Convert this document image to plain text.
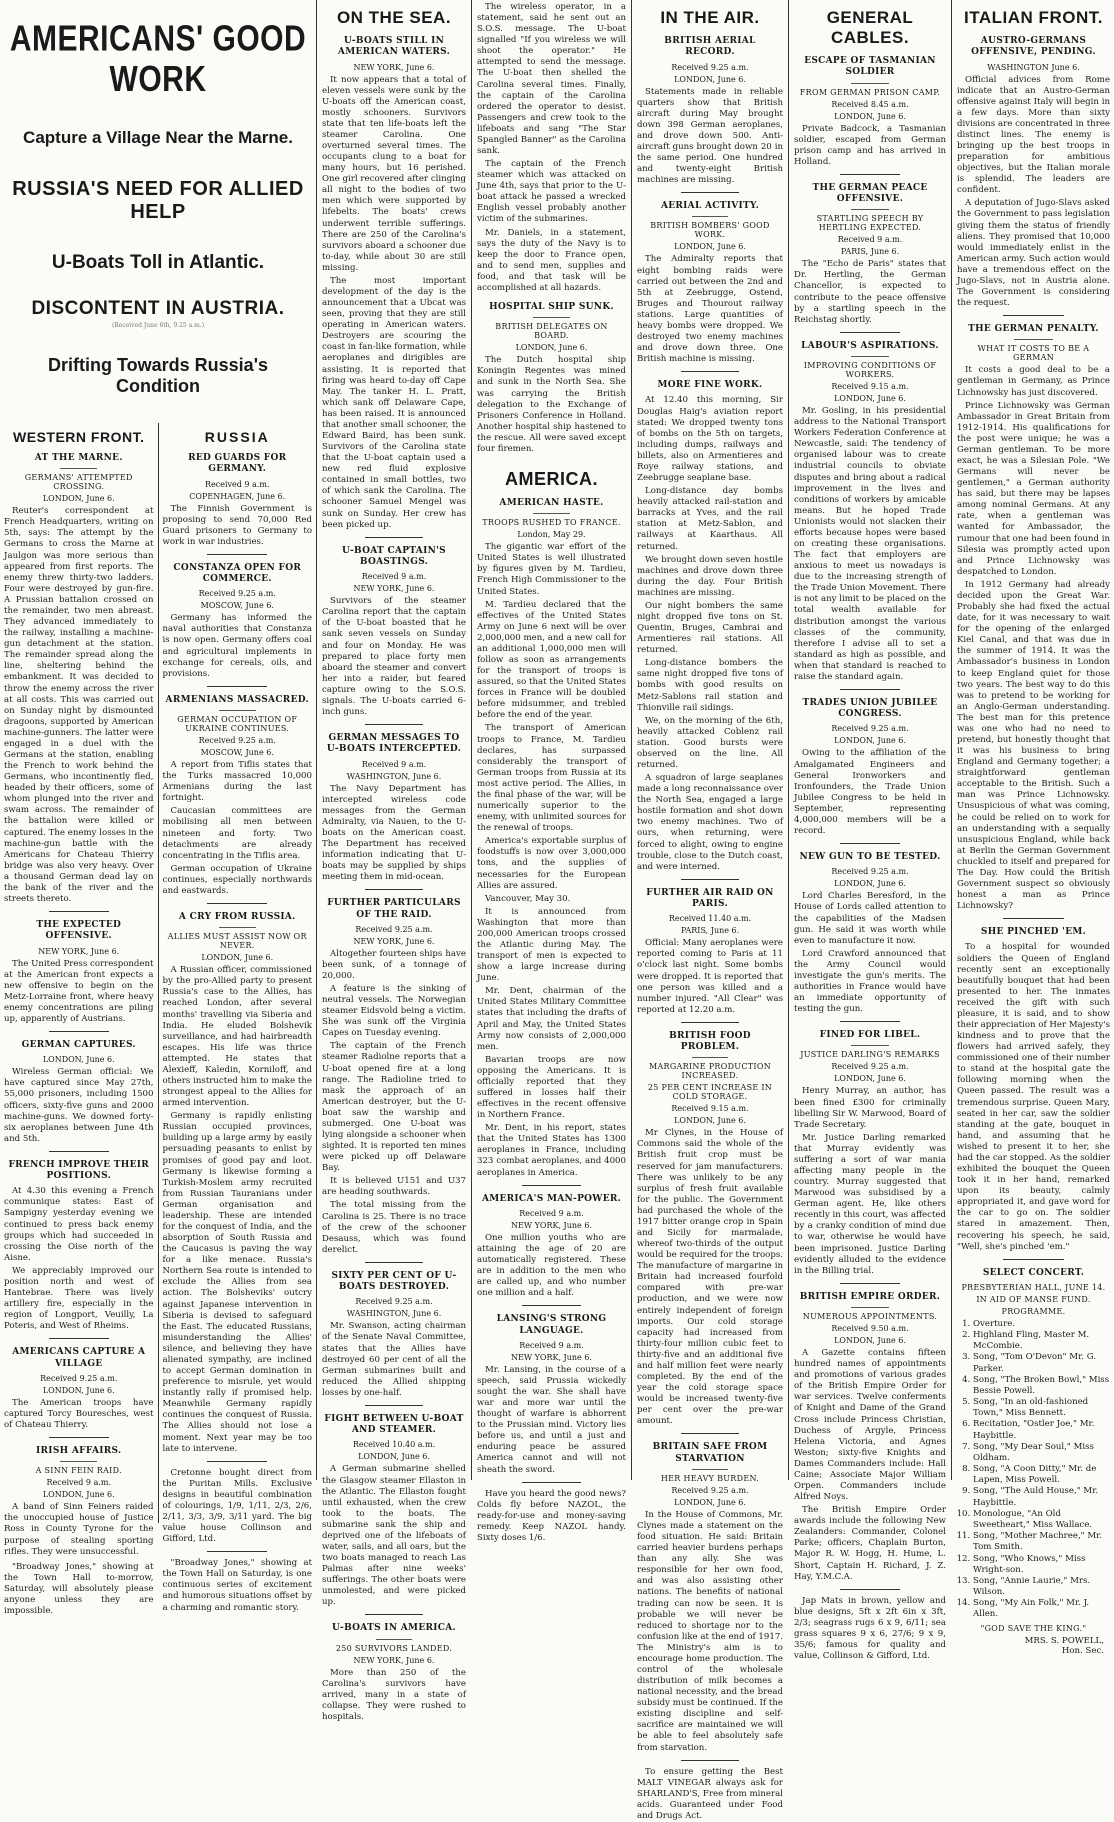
AMERICANS' GOOD WORK
Capture a Village Near the Marne.
RUSSIA'S NEED FOR ALLIED HELP
U-Boats Toll in Atlantic.
DISCONTENT IN AUSTRIA.
(Received June 6th, 9.25 a.m.)
Drifting Towards Russia's Condition
WESTERN FRONT.
AT THE MARNE.
GERMANS' ATTEMPTED CROSSING.
LONDON, June 6.

Reuter's correspondent at French Headquarters, writing on 5th, says: The attempt by the Germans to cross the Marne at Jaulgon was more serious than appeared from first reports. The enemy threw thirty-two ladders. Four were destroyed by gun-fire. A Prussian battalion crossed on the remainder, two men abreast. They advanced immediately to the railway, installing a machine-gun detachment at the station. The remainder spread along the line, sheltering behind the embankment. It was decided to throw the enemy across the river at all costs. This was carried out on Sunday night by dismounted dragoons, supported by American machine-gunners. The latter were engaged in a duel with the Germans at the station, enabling the French to work behind the Germans, who incontinently fled, headed by their officers, some of whom plunged into the river and swam across. The remainder of the battalion were killed or captured. The enemy losses in the machine-gun battle with the Americans for Chateau Thierry bridge was also very heavy. Over a thousand German dead lay on the bank of the river and the streets thereto.

THE EXPECTED OFFENSIVE.
NEW YORK, June 6.

The United Press correspondent at the American front expects a new offensive to begin on the Metz-Lorraine front, where heavy enemy concentrations are piling up, apparently of Austrians.

GERMAN CAPTURES.
LONDON, June 6.

Wireless German official: We have captured since May 27th, 55,000 prisoners, including 1500 officers, sixty-five guns and 2000 machine-guns. We downed forty-six aeroplanes between June 4th and 5th.

FRENCH IMPROVE THEIR POSITIONS.

At 4.30 this evening a French communique states: East of Sampigny yesterday evening we continued to press back enemy groups which had succeeded in crossing the Oise north of the Aisne.

We appreciably improved our position north and west of Hantebrae. There was lively artillery fire, especially in the region of Longport, Veuilly, La Poteris, and West of Rheims.

AMERICANS CAPTURE A VILLAGE
Received 9.25 a.m.
LONDON, June 6.

The American troops have captured Torcy Bouresches, west of Chateau Thierry.

IRISH AFFAIRS.
A SINN FEIN RAID.
Received 9 a.m.
LONDON, June 6.

A band of Sinn Feiners raided the unoccupied house of Justice Ross in County Tyrone for the purpose of stealing sporting rifles. They were unsuccessful.

"Broadway Jones," showing at the Town Hall to-morrow, Saturday, will absolutely please anyone unless they are impossible.

RUSSIA
RED GUARDS FOR GERMANY.
Received 9 a.m.
COPENHAGEN, June 6.

The Finnish Government is proposing to send 70,000 Red Guard prisoners to Germany to work in war industries.

CONSTANZA OPEN FOR COMMERCE.
Received 9.25 a.m.
MOSCOW, June 6.

Germany has informed the naval authorities that Constanza is now open. Germany offers coal and agricultural implements in exchange for cereals, oils, and provisions.

ARMENIANS MASSACRED.
GERMAN OCCUPATION OF UKRAINE CONTINUES.
Received 9.25 a.m.
MOSCOW, June 6.

A report from Tiflis states that the Turks massacred 10,000 Armenians during the last fortnight.

Caucasian committees are mobilising all men between nineteen and forty. Two detachments are already concentrating in the Tiflis area.

German occupation of Ukraine continues, especially northwards and eastwards.

A CRY FROM RUSSIA.
ALLIES MUST ASSIST NOW OR NEVER.
LONDON, June 6.

A Russian officer, commissioned by the pro-Allied party to present Russia's case to the Allies, has reached London, after several months' travelling via Siberia and India. He eluded Bolshevik surveillance, and had hairbreadth escapes. His life was thrice attempted. He states that Alexieff, Kaledin, Korniloff, and others instructed him to make the strongest appeal to the Allies for armed intervention.

Germany is rapidly enlisting Russian occupied provinces, building up a large army by easily persuading peasants to enlist by promises of good pay and loot. Germany is likewise forming a Turkish-Moslem army recruited from Russian Tauranians under German organisation and leadership. These are intended for the conquest of India, and the absorption of South Russia and the Caucasus is paving the way for a like menace. Russia's Northern Sea route is intended to exclude the Allies from sea action. The Bolsheviks' outcry against Japanese intervention in Siberia is devised to safeguard the East. The educated Russians, misunderstanding the Allies' silence, and believing they have alienated sympathy, are inclined to accept German domination in preference to misrule, yet would instantly rally if promised help. Meanwhile Germany rapidly continues the conquest of Russia. The Allies should not lose a moment. Next year may be too late to intervene.

Cretonne bought direct from the Puritan Mills. Exclusive designs in beautiful combination of colourings, 1/9, 1/11, 2/3, 2/6, 2/11, 3/3, 3/9, 3/11 yard. The big value house Collinson and Gifford, Ltd.

"Broadway Jones," showing at the Town Hall on Saturday, is one continuous series of excitement and humorous situations offset by a charming and romantic story.

ON THE SEA.
U-BOATS STILL IN AMERICAN WATERS.
NEW YORK, June 6.

It now appears that a total of eleven vessels were sunk by the U-boats off the American coast, mostly schooners. Survivors state that ten life-boats left the steamer Carolina. One overturned several times. The occupants clung to a boat for many hours, but 16 perished. One girl recovered after clinging all night to the bodies of two men which were supported by lifebelts. The boats' crews underwent terrible sufferings. There are 250 of the Carolina's survivors aboard a schooner due to-day, while about 30 are still missing.

The most important development of the day is the announcement that a Ubcat was seen, proving that they are still operating in American waters. Destroyers are scouring the coast in fan-like formation, while aeroplanes and dirigibles are assisting. It is reported that firing was heard to-day off Cape May. The tanker H. L. Pratt, which sank off Delaware Cape, has been raised. It is announced that another small schooner, the Edward Baird, has been sunk. Survivors of the Carolina state that the U-boat captain used a new red fluid explosive contained in small bottles, two of which sank the Carolina. The schooner Samuel Mengel was sunk on Sunday. Her crew has been picked up.

U-BOAT CAPTAIN'S BOASTINGS.
Received 9 a.m.
NEW YORK, June 6.

Survivors of the steamer Carolina report that the captain of the U-boat boasted that he sank seven vessels on Sunday and four on Monday. He was prepared to place forty men aboard the steamer and convert her into a raider, but feared capture owing to the S.O.S. signals. The U-boats carried 6-inch guns.

GERMAN MESSAGES TO U-BOATS INTERCEPTED.
Received 9 a.m.
WASHINGTON, June 6.

The Navy Department has intercepted wireless code messages from the German Admiralty, via Nauen, to the U-boats on the American coast. The Department has received information indicating that U-boats may be supplied by ships meeting them in mid-ocean.

FURTHER PARTICULARS OF THE RAID.
Received 9.25 a.m.
NEW YORK, June 6.

Altogether fourteen ships have been sunk, of a tonnage of 20,000.

A feature is the sinking of neutral vessels. The Norwegian steamer Eidsvold being a victim. She was sunk off the Virginia Capes on Tuesday evening.

The captain of the French steamer Radiolne reports that a U-boat opened fire at a long range. The Radioline tried to mask the approach of an American destroyer, but the U-boat saw the warship and submerged. One U-boat was lying alongside a schooner when sighted. It is reported ten mines were picked up off Delaware Bay.

It is believed U151 and U37 are heading southwards.

The total missing from the Carolina is 25. There is no trace of the crew of the schooner Desauss, which was found derelict.

SIXTY PER CENT OF U-BOATS DESTROYED.
Received 9.25 a.m.
WASHINGTON, June 6.

Mr. Swanson, acting chairman of the Senate Naval Committee, states that the Allies have destroyed 60 per cent of all the German submarines built and reduced the Allied shipping losses by one-half.

FIGHT BETWEEN U-BOAT AND STEAMER.
Received 10.40 a.m.
LONDON, June 6.

A German submarine shelled the Glasgow steamer Ellaston in the Atlantic. The Ellaston fought until exhausted, when the crew took to the boats. The submarine sank the ship and deprived one of the lifeboats of water, sails, and all oars, but the two boats managed to reach Las Palmas after nine weeks' sufferings. The other boats were unmolested, and were picked up.

U-BOATS IN AMERICA.
250 SURVIVORS LANDED.
NEW YORK, June 6.

More than 250 of the Carolina's survivors have arrived, many in a state of collapse. They were rushed to hospitals.

The wireless operator, in a statement, said he sent out an S.O.S. message. The U-boat signalled "If you wireless we will shoot the operator." He attempted to send the message. The U-boat then shelled the Carolina several times. Finally, the captain of the Carolina ordered the operator to desist. Passengers and crew took to the lifeboats and sang "The Star Spangled Banner" as the Carolina sank.

The captain of the French steamer which was attacked on June 4th, says that prior to the U-boat attack he passed a wrecked English vessel probably another victim of the submarines.

Mr. Daniels, in a statement, says the duty of the Navy is to keep the door to France open, and to send men, supplies and food, and that task will be accomplished at all hazards.

HOSPITAL SHIP SUNK.
BRITISH DELEGATES ON BOARD.
LONDON, June 6.

The Dutch hospital ship Koningin Regentes was mined and sunk in the North Sea. She was carrying the British delegation to the Exchange of Prisoners Conference in Holland. Another hospital ship hastened to the rescue. All were saved except four firemen.

AMERICA.
AMERICAN HASTE.
TROOPS RUSHED TO FRANCE.
London, May 29.

The gigantic war effort of the United States is well illustrated by figures given by M. Tardieu, French High Commissioner to the United States.

M. Tardieu declared that the effectives of the United States Army on June 6 next will be over 2,000,000 men, and a new call for an additional 1,000,000 men will follow as soon as arrangements for the transport of troops is assured, so that the United States forces in France will be doubled before midsummer, and trebled before the end of the year.

The transport of American troops to France, M. Tardieu declares, has surpassed considerably the transport of German troops from Russia at its most active period. The Allies, in the final phase of the war, will be numerically superior to the enemy, with unlimited sources for the renewal of troops.

America's exportable surplus of foodstuffs is now over 3,000,000 tons, and the supplies of necessaries for the European Allies are assured.

Vancouver, May 30.

It is announced from Washington that more than 200,000 American troops crossed the Atlantic during May. The transport of men is expected to show a large increase during June.

Mr. Dent, chairman of the United States Military Committee states that including the drafts of April and May, the United States Army now consists of 2,000,000 men.

Bavarian troops are now opposing the Americans. It is officially reported that they suffered in losses half their effectives in the recent offensive in Northern France.

Mr. Dent, in his report, states that the United States has 1300 aeroplanes in France, including 323 combat aeroplanes, and 4000 aeroplanes in America.

AMERICA'S MAN-POWER.
Received 9 a.m.
NEW YORK, June 6.

One million youths who are attaining the age of 20 are automatically registered. These are in addition to the men who are called up, and who number one million and a half.

LANSING'S STRONG LANGUAGE.
Received 9 a.m.
NEW YORK, June 6.

Mr. Lansing, in the course of a speech, said Prussia wickedly sought the war. She shall have war and more war until the thought of warfare is abhorrent to the Prussian mind. Victory lies before us, and until a just and enduring peace be assured America cannot and will not sheath the sword.

Have you heard the good news? Colds fly before NAZOL, the ready-for-use and money-saving remedy. Keep NAZOL handy. Sixty doses 1/6.

IN THE AIR.
BRITISH AERIAL RECORD.
Received 9.25 a.m.
LONDON, June 6.

Statements made in reliable quarters show that British aircraft during May brought down 398 German aeroplanes, and drove down 500. Anti-aircraft guns brought down 20 in the same period. One hundred and twenty-eight British machines are missing.

AERIAL ACTIVITY.
BRITISH BOMBERS' GOOD WORK.
LONDON, June 6.

The Admiralty reports that eight bombing raids were carried out between the 2nd and 5th at Zeebrugge, Ostend, Bruges and Thourout railway stations. Large quantities of heavy bombs were dropped. We destroyed two enemy machines and drove down three. One British machine is missing.

MORE FINE WORK.

At 12.40 this morning, Sir Douglas Haig's aviation report stated: We dropped twenty tons of bombs on the 5th on targets, including dumps, railways and billets, also on Armentieres and Roye railway stations, and Zeebrugge seaplane base.

Long-distance day bombs heavily attacked rail-station and barracks at Yves, and the rail station at Metz-Sablon, and railways at Kaarthaus. All returned.

We brought down seven hostile machines and drove down three during the day. Four British machines are missing.

Our night bombers the same night dropped five tons on St. Quentin, Bruges, Cambrai and Armentieres rail stations. All returned.

Long-distance bombers the same night dropped five tons of bombs with good results on Metz-Sablons rail station and Thionville rail sidings.

We, on the morning of the 6th, heavily attacked Coblenz rail station. Good bursts were observed on the line. All returned.

A squadron of large seaplanes made a long reconnaissance over the North Sea, engaged a large hostile formation and shot down two enemy machines. Two of ours, when returning, were forced to alight, owing to engine trouble, close to the Dutch coast, and were interned.

FURTHER AIR RAID ON PARIS.
Received 11.40 a.m.
PARIS, June 6.

Official: Many aeroplanes were reported coming to Paris at 11 o'clock last night. Some bombs were dropped. It is reported that one person was killed and a number injured. "All Clear" was reported at 12.20 a.m.

BRITISH FOOD PROBLEM.
MARGARINE PRODUCTION INCREASED.
25 PER CENT INCREASE IN COLD STORAGE.
Received 9.15 a.m.
LONDON, June 6.

Mr Clynes, in the House of Commons said the whole of the British fruit crop must be reserved for jam manufacturers. There was unlikely to be any surplus of fresh fruit available for the public. The Government had purchased the whole of the 1917 bitter orange crop in Spain and Sicily for marmalade, whereof two-thirds of the output would be required for the troops. The manufacture of margarine in Britain had increased fourfold compared with pre-war production, and we were now entirely independent of foreign imports. Our cold storage capacity had increased from thirty-four million cubic feet to thirty-five and an additional five and half million feet were nearly completed. By the end of the year the cold storage space would be increased twenty-five per cent over the pre-war amount.

BRITAIN SAFE FROM STARVATION
HER HEAVY BURDEN.
Received 9.25 a.m.
LONDON, June 6.

In the House of Commons, Mr. Clynes made a statement on the food situation. He said: Britain carried heavier burdens perhaps than any ally. She was responsible for her own food, and was also assisting other nations. The benefits of national trading can now be seen. It is probable we will never be reduced to shortage nor to the confusion like at the end of 1917. The Ministry's aim is to encourage home production. The control of the wholesale distribution of milk becomes a national necessity, and the bread subsidy must be continued. If the existing discipline and self-sacrifice are maintained we will be able to feel absolutely safe from starvation.

To ensure getting the Best MALT VINEGAR always ask for SHARLAND'S, Free from mineral acids. Guaranteed under Food and Drugs Act.

GENERAL CABLES.
ESCAPE OF TASMANIAN SOLDIER
FROM GERMAN PRISON CAMP.
Received 8.45 a.m.
LONDON, June 6.

Private Badcock, a Tasmanian soldier, escaped from German prison camp and has arrived in Holland.

THE GERMAN PEACE OFFENSIVE.
STARTLING SPEECH BY HERTLING EXPECTED.
Received 9 a.m.
PARIS, June 6.

The "Echo de Paris" states that Dr. Hertling, the German Chancellor, is expected to contribute to the peace offensive by a startling speech in the Reichstag shortly.

LABOUR'S ASPIRATIONS.
IMPROVING CONDITIONS OF WORKERS.
Received 9.15 a.m.
LONDON, June 6.

Mr. Gosling, in his presidential address to the National Transport Workers Federation Conference at Newcastle, said: The tendency of organised labour was to create industrial councils to obviate disputes and bring about a radical improvement in the lives and conditions of workers by amicable means. But he hoped Trade Unionists would not slacken their efforts because hopes were based on creating these organisations. The fact that employers are anxious to meet us nowadays is due to the increasing strength of the Trade Union Movement. There is not any limit to be placed on the total wealth available for distribution amongst the various classes of the community, therefore I advise all to set a standard as high as possible, and when that standard is reached to raise the standard again.

TRADES UNION JUBILEE CONGRESS.
Received 9.25 a.m.
LONDON, June 6.

Owing to the affiliation of the Amalgamated Engineers and General Ironworkers and Ironfounders, the Trade Union Jubilee Congress to be held in September, representing 4,000,000 members will be a record.

NEW GUN TO BE TESTED.
Received 9.25 a.m.
LONDON, June 6.

Lord Charles Beresford, in the House of Lords called attention to the capabilities of the Madsen gun. He said it was worth while even to manufacture it now.

Lord Crawford announced that the Army Council would investigate the gun's merits. The authorities in France would have an immediate opportunity of testing the gun.

FINED FOR LIBEL.
JUSTICE DARLING'S REMARKS
Received 9.25 a.m.
LONDON, June 6.

Henry Murray, an author, has been fined £300 for criminally libelling Sir W. Marwood, Board of Trade Secretary.

Mr. Justice Darling remarked that Murray evidently was suffering a sort of war mania affecting many people in the country. Murray suggested that Marwood was subsidised by a German agent. He, like others recently in this court, was affected by a cranky condition of mind due to war, otherwise he would have been imprisoned. Justice Darling evidently alluded to the evidence in the Billing trial.

BRITISH EMPIRE ORDER.
NUMEROUS APPOINTMENTS.
Received 9.50 a.m.
LONDON, June 6.

A Gazette contains fifteen hundred names of appointments and promotions of various grades of the British Empire Order for war services. Twelve conferments of Knight and Dame of the Grand Cross include Princess Christian, Duchess of Argyle, Princess Helena Victoria, and Agnes Weston; sixty-five Knights and Dames Commanders include: Hall Caine; Associate Major William Orpen. Commanders include Alfred Noys.

The British Empire Order awards include the following New Zealanders: Commander, Colonel Parke; officers, Chaplain Burton, Major R. W. Hogg, H. Hume, L. Short, Captain H. Richard, J. Z. Hay, Y.M.C.A.

Jap Mats in brown, yellow and blue designs, 5ft x 2ft 6in x 3ft, 2/3; seagrass rugs 6 x 9, 6/11; sea grass squares 9 x 6, 27/6; 9 x 9, 35/6; famous for quality and value, Collinson & Gifford, Ltd.

ITALIAN FRONT.
AUSTRO-GERMANS OFFENSIVE, PENDING.
WASHINGTON June 6.

Official advices from Rome indicate that an Austro-German offensive against Italy will begin in a few days. More than sixty divisions are concentrated in three distinct lines. The enemy is bringing up the best troops in preparation for ambitious objectives, but the Italian morale is splendid. The leaders are confident.

A deputation of Jugo-Slavs asked the Government to pass legislation giving them the status of friendly aliens. They promised that 10,000 would immediately enlist in the American army. Such action would have a tremendous effect on the Jugo-Slavs, not in Austria alone. The Government is considering the request.

THE GERMAN PENALTY.
WHAT IT COSTS TO BE A GERMAN

It costs a good deal to be a gentleman in Germany, as Prince Lichnowsky has just discovered.

Prince Lichnowsky was German Ambassador in Great Britain from 1912-1914. His qualifications for the post were unique; he was a German gentleman. To be more exact, he was a Silesian Pole. "We Germans will never be gentlemen," a German authority has said, but there may be lapses among nominal Germans. At any rate, when a gentleman was wanted for Ambassador, the rumour that one had been found in Silesia was promptly acted upon and Prince Lichnowsky was despatched to London.

In 1912 Germany had already decided upon the Great War. Probably she had fixed the actual date, for it was necessary to wait for the opening of the enlarged Kiel Canal, and that was due in the summer of 1914. It was the Ambassador's business in London to keep England quiet for those two years. The best way to do this was to pretend to be working for an Anglo-German understanding. The best man for this pretence was one who had no need to pretend, but honestly thought that it was his business to bring England and Germany together; a straightforward gentleman acceptable to the British. Such a man was Prince Lichnowsky. Unsuspicious of what was coming, he could be relied on to work for an understanding with a sequally unsuspicious England, while back at Berlin the German Government chuckled to itself and prepared for The Day. How could the British Government suspect so obviously honest a man as Prince Lichnowsky?

SHE PINCHED 'EM.

To a hospital for wounded soldiers the Queen of England recently sent an exceptionally beautifully bouquet that had been presented to her. The inmates received the gift with such pleasure, it is said, and to show their appreciation of Her Majesty's kindness and to prove that the flowers had arrived safely, they commissioned one of their number to stand at the hospital gate the following morning when the Queen passed. The result was a tremendous surprise. Queen Mary, seated in her car, saw the soldier standing at the gate, bouquet in hand, and assuming that he wished to present it to her, she had the car stopped. As the soldier exhibited the bouquet the Queen took it in her hand, remarked upon its beauty, calmly appropriated it, and gave word for the car to go on. The soldier stared in amazement. Then, recovering his speech, he said, "Well, she's pinched 'em."

SELECT CONCERT.
PRESBYTERIAN HALL, JUNE 14.
IN AID OF MANSE FUND.
PROGRAMME.
1. Overture.
2. Highland Fling, Master M. McCombie.
3. Song, "Tom O'Devon" Mr. G. Parker.
4. Song, "The Broken Bowl," Miss Bessie Powell.
5. Song, "In an old-fashioned Town," Miss Bennett.
6. Recitation, "Ostler Joe," Mr. Haybittle.
7. Song, "My Dear Soul," Miss Oldham.
8. Song, "A Coon Ditty," Mr. de Lapen, Miss Powell.
9. Song, "The Auld House," Mr. Haybittle.
10. Monologue, "An Old Sweetheart," Miss Wallace.
11. Song, "Mother Machree," Mr. Tom Smith.
12. Song, "Who Knows," Miss Wright-son.
13. Song, "Annie Laurie," Mrs. Wilson.
14. Song, "My Ain Folk," Mr. J. Allen.
"GOD SAVE THE KING."
MRS. S. POWELL,
Hon. Sec.
